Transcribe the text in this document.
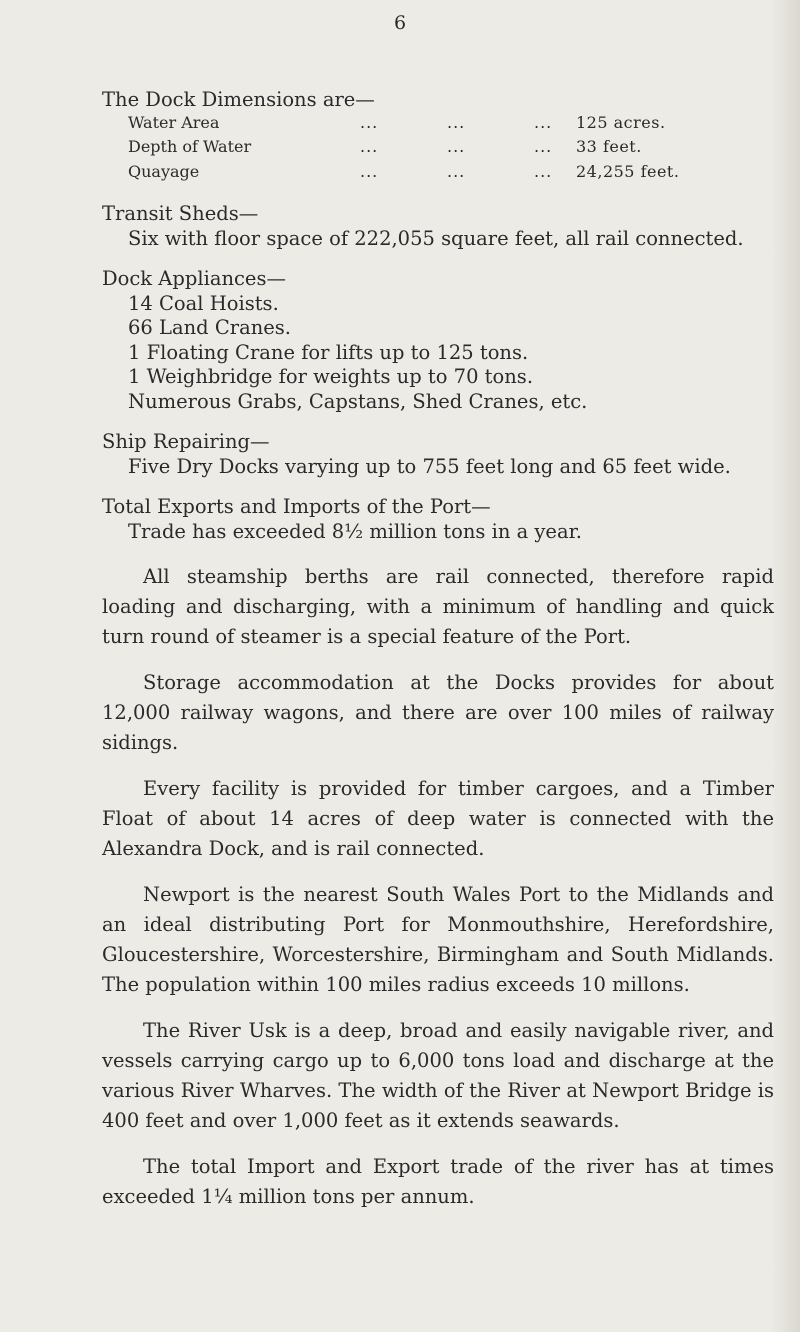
6
The Dock Dimensions are—
Water Area	...	...	... 125 acres.
Depth of Water	...	...	... 33 feet.
Quayage	...	...	... 24,255 feet.
Transit Sheds—
Six with floor space of 222,055 square feet, all rail connected.
Dock Appliances—
14 Coal Hoists.
66 Land Cranes.
1 Floating Crane for lifts up to 125 tons.
1 Weighbridge for weights up to 70 tons.
Numerous Grabs, Capstans, Shed Cranes, etc.
Ship Repairing—
Five Dry Docks varying up to 755 feet long and 65 feet wide.
Total Exports and Imports of the Port—
Trade has exceeded 8½ million tons in a year.
All steamship berths are rail connected, therefore rapid loading and discharging, with a minimum of handling and quick turn round of steamer is a special feature of the Port.
Storage accommodation at the Docks provides for about 12,000 railway wagons, and there are over 100 miles of railway sidings.
Every facility is provided for timber cargoes, and a Timber Float of about 14 acres of deep water is connected with the Alexandra Dock, and is rail connected.
Newport is the nearest South Wales Port to the Midlands and an ideal distributing Port for Monmouthshire, Herefordshire, Gloucestershire, Worcestershire, Birmingham and South Midlands. The population within 100 miles radius exceeds 10 millons.
The River Usk is a deep, broad and easily navigable river, and vessels carrying cargo up to 6,000 tons load and discharge at the various River Wharves. The width of the River at Newport Bridge is 400 feet and over 1,000 feet as it extends seawards.
The total Import and Export trade of the river has at times exceeded 1¼ million tons per annum.
